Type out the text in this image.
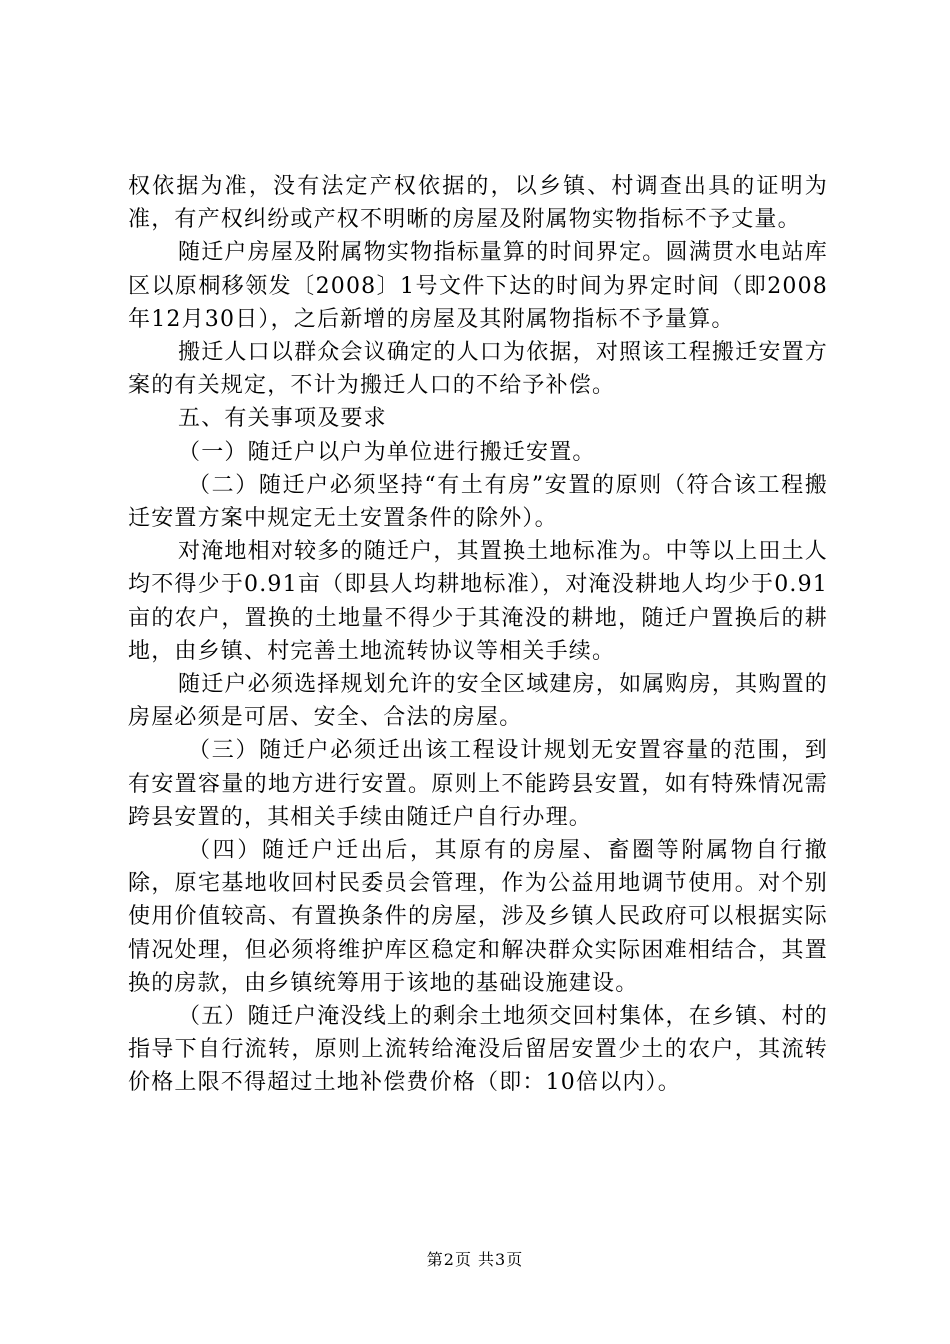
权依据为准，没有法定产权依据的，以乡镇、村调查出具的证明为准，有产权纠纷或产权不明晰的房屋及附属物实物指标不予丈量。

随迁户房屋及附属物实物指标量算的时间界定。圆满贯水电站库区以原桐移领发〔2008〕1号文件下达的时间为界定时间（即2008年12月30日），之后新增的房屋及其附属物指标不予量算。

搬迁人口以群众会议确定的人口为依据，对照该工程搬迁安置方案的有关规定，不计为搬迁人口的不给予补偿。

五、有关事项及要求

（一）随迁户以户为单位进行搬迁安置。

（二）随迁户必须坚持“有土有房”安置的原则（符合该工程搬迁安置方案中规定无土安置条件的除外）。

对淹地相对较多的随迁户，其置换土地标准为。中等以上田土人均不得少于0.91亩（即县人均耕地标准），对淹没耕地人均少于0.91亩的农户，置换的土地量不得少于其淹没的耕地，随迁户置换后的耕地，由乡镇、村完善土地流转协议等相关手续。

随迁户必须选择规划允许的安全区域建房，如属购房，其购置的房屋必须是可居、安全、合法的房屋。

（三）随迁户必须迁出该工程设计规划无安置容量的范围，到有安置容量的地方进行安置。原则上不能跨县安置，如有特殊情况需跨县安置的，其相关手续由随迁户自行办理。

（四）随迁户迁出后，其原有的房屋、畜圈等附属物自行撤除，原宅基地收回村民委员会管理，作为公益用地调节使用。对个别使用价值较高、有置换条件的房屋，涉及乡镇人民政府可以根据实际情况处理，但必须将维护库区稳定和解决群众实际困难相结合，其置换的房款，由乡镇统筹用于该地的基础设施建设。

（五）随迁户淹没线上的剩余土地须交回村集体，在乡镇、村的指导下自行流转，原则上流转给淹没后留居安置少土的农户，其流转价格上限不得超过土地补偿费价格（即：10倍以内）。

第2页 共3页
